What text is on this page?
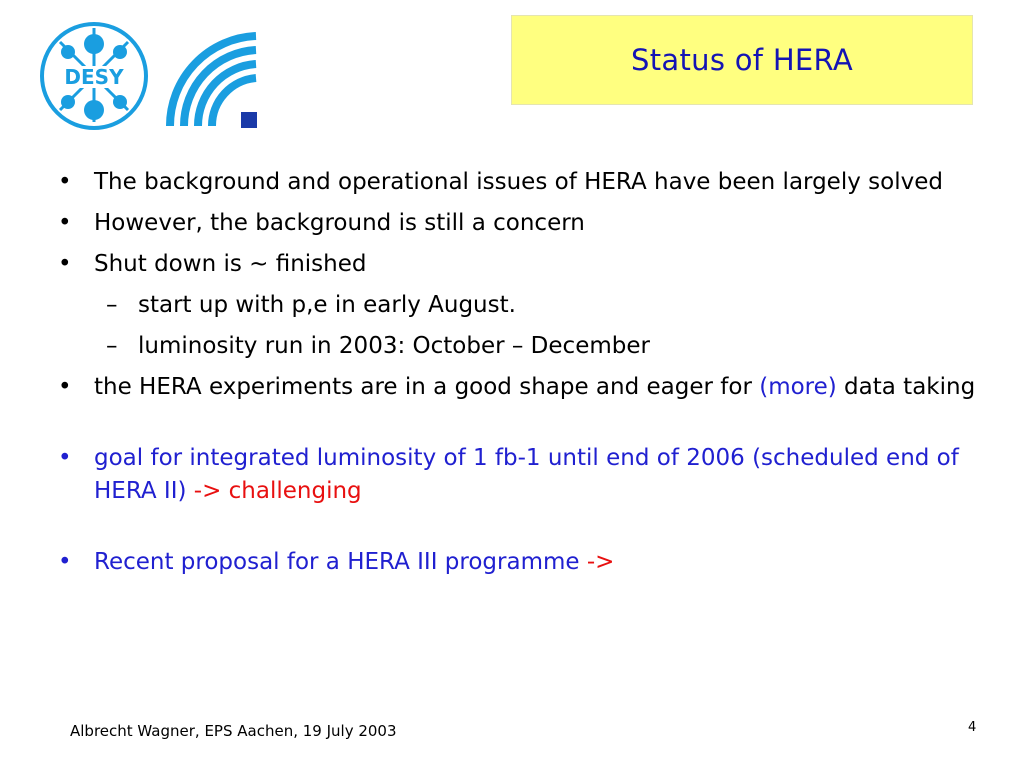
DESY	Status of HERA
• The background and operational issues of HERA have been largely solved
• However, the background is still a concern
• Shut down is ~ finished
– start up with p,e in early August.
– luminosity run in 2003: October – December
• the HERA experiments are in a good shape and eager for (more) data taking
• goal for integrated luminosity of 1 fb-1 until end of 2006 (scheduled end of HERA II) -> challenging
• Recent proposal for a HERA III programme ->
Albrecht Wagner, EPS Aachen, 19 July 2003	4
